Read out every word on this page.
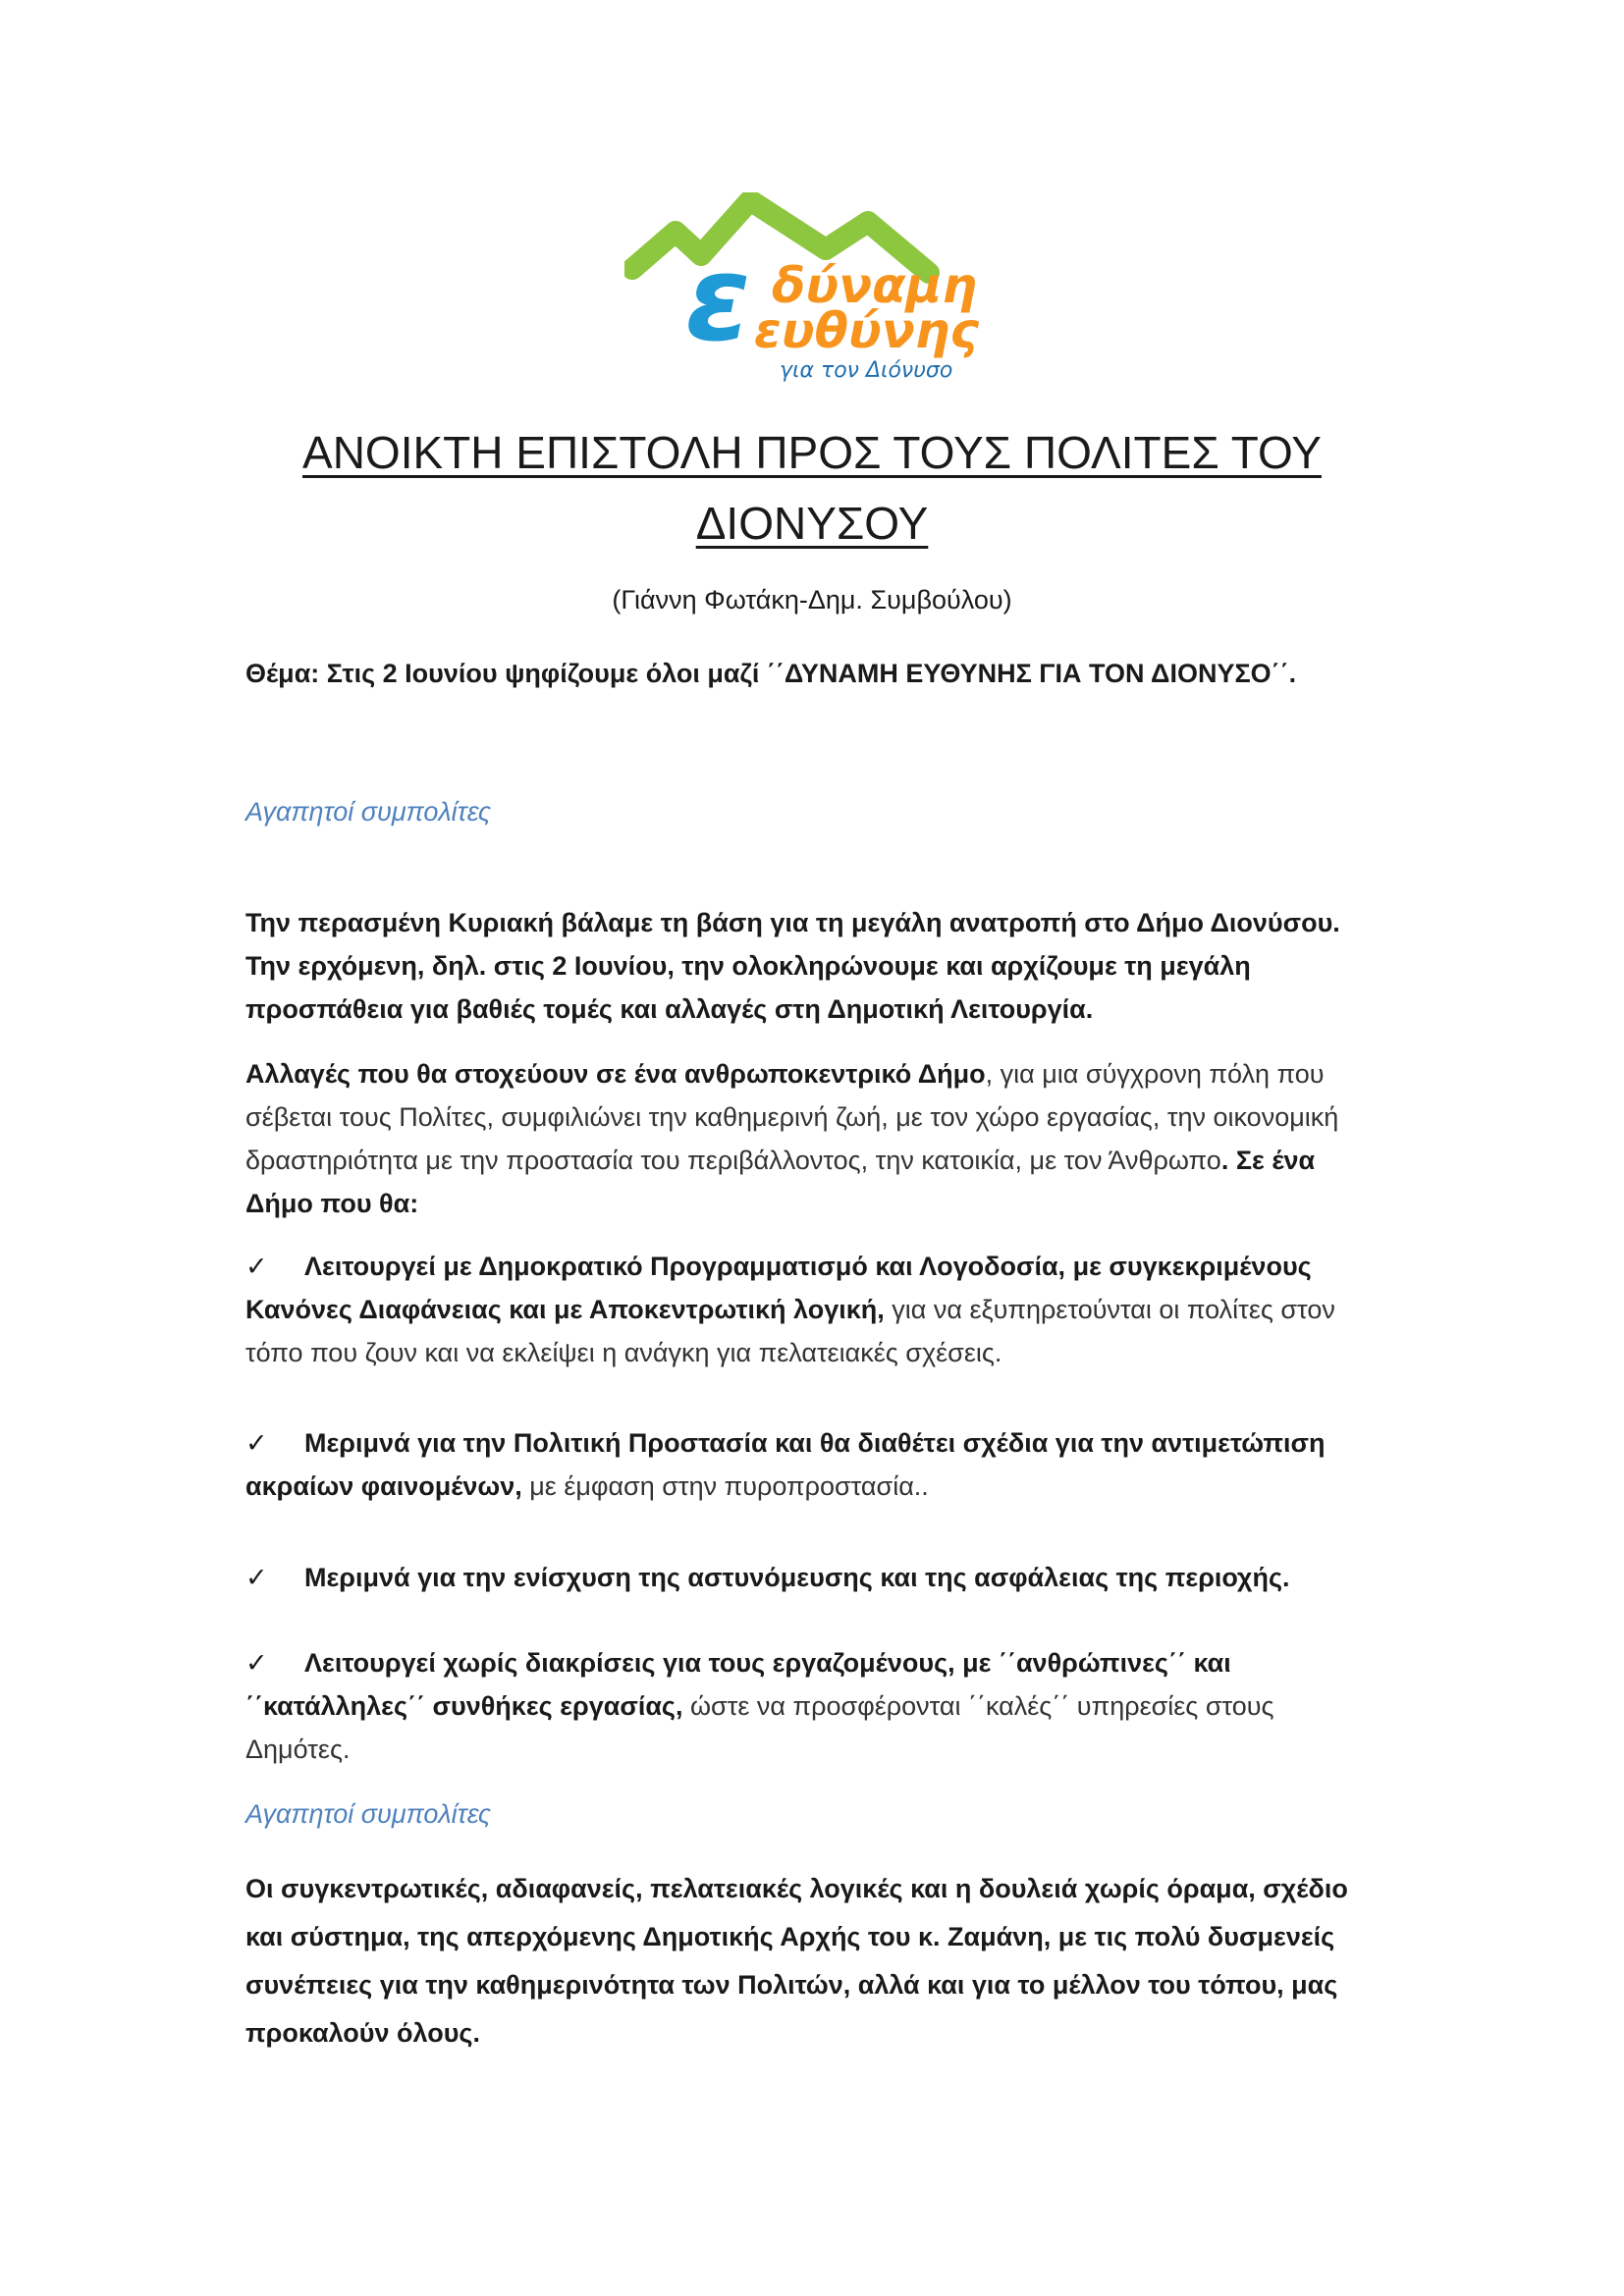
ε δύναμη
ευθύνης
για τον Διόνυσο
ΑΝΟΙΚΤΗ ΕΠΙΣΤΟΛΗ ΠΡΟΣ ΤΟΥΣ ΠΟΛΙΤΕΣ ΤΟΥ
ΔΙΟΝΥΣΟΥ

(Γιάννη Φωτάκη-Δημ. Συμβούλου)

Θέμα: Στις 2 Ιουνίου ψηφίζουμε όλοι μαζί ΄΄ΔΥΝΑΜΗ ΕΥΘΥΝΗΣ ΓΙΑ ΤΟΝ ΔΙΟΝΥΣΟ΄΄.

Αγαπητοί συμπολίτες

Την περασμένη Κυριακή βάλαμε τη βάση για τη μεγάλη ανατροπή στο Δήμο Διονύσου. Την ερχόμενη, δηλ. στις 2 Ιουνίου, την ολοκληρώνουμε και αρχίζουμε τη μεγάλη προσπάθεια για βαθιές τομές και αλλαγές στη Δημοτική Λειτουργία.

Αλλαγές που θα στοχεύουν σε ένα ανθρωποκεντρικό Δήμο, για μια σύγχρονη πόλη που σέβεται τους Πολίτες, συμφιλιώνει την καθημερινή ζωή, με τον χώρο εργασίας, την οικονομική δραστηριότητα με την προστασία του περιβάλλοντος, την κατοικία, με τον Άνθρωπο. Σε ένα Δήμο που θα:

✓ Λειτουργεί με Δημοκρατικό Προγραμματισμό και Λογοδοσία, με συγκεκριμένους Κανόνες Διαφάνειας και με Αποκεντρωτική λογική, για να εξυπηρετούνται οι πολίτες στον τόπο που ζουν και να εκλείψει η ανάγκη για πελατειακές σχέσεις.

✓ Μεριμνά για την Πολιτική Προστασία και θα διαθέτει σχέδια για την αντιμετώπιση ακραίων φαινομένων, με έμφαση στην πυροπροστασία..

✓ Μεριμνά για την ενίσχυση της αστυνόμευσης και της ασφάλειας της περιοχής.

✓ Λειτουργεί χωρίς διακρίσεις για τους εργαζομένους, με ΄΄ανθρώπινες΄΄ και ΄΄κατάλληλες΄΄ συνθήκες εργασίας, ώστε να προσφέρονται ΄΄καλές΄΄ υπηρεσίες στους Δημότες.

Αγαπητοί συμπολίτες

Οι συγκεντρωτικές, αδιαφανείς, πελατειακές λογικές και η δουλειά χωρίς όραμα, σχέδιο και σύστημα, της απερχόμενης Δημοτικής Αρχής του κ. Ζαμάνη, με τις πολύ δυσμενείς συνέπειες για την καθημερινότητα των Πολιτών, αλλά και για το μέλλον του τόπου, μας προκαλούν όλους.
